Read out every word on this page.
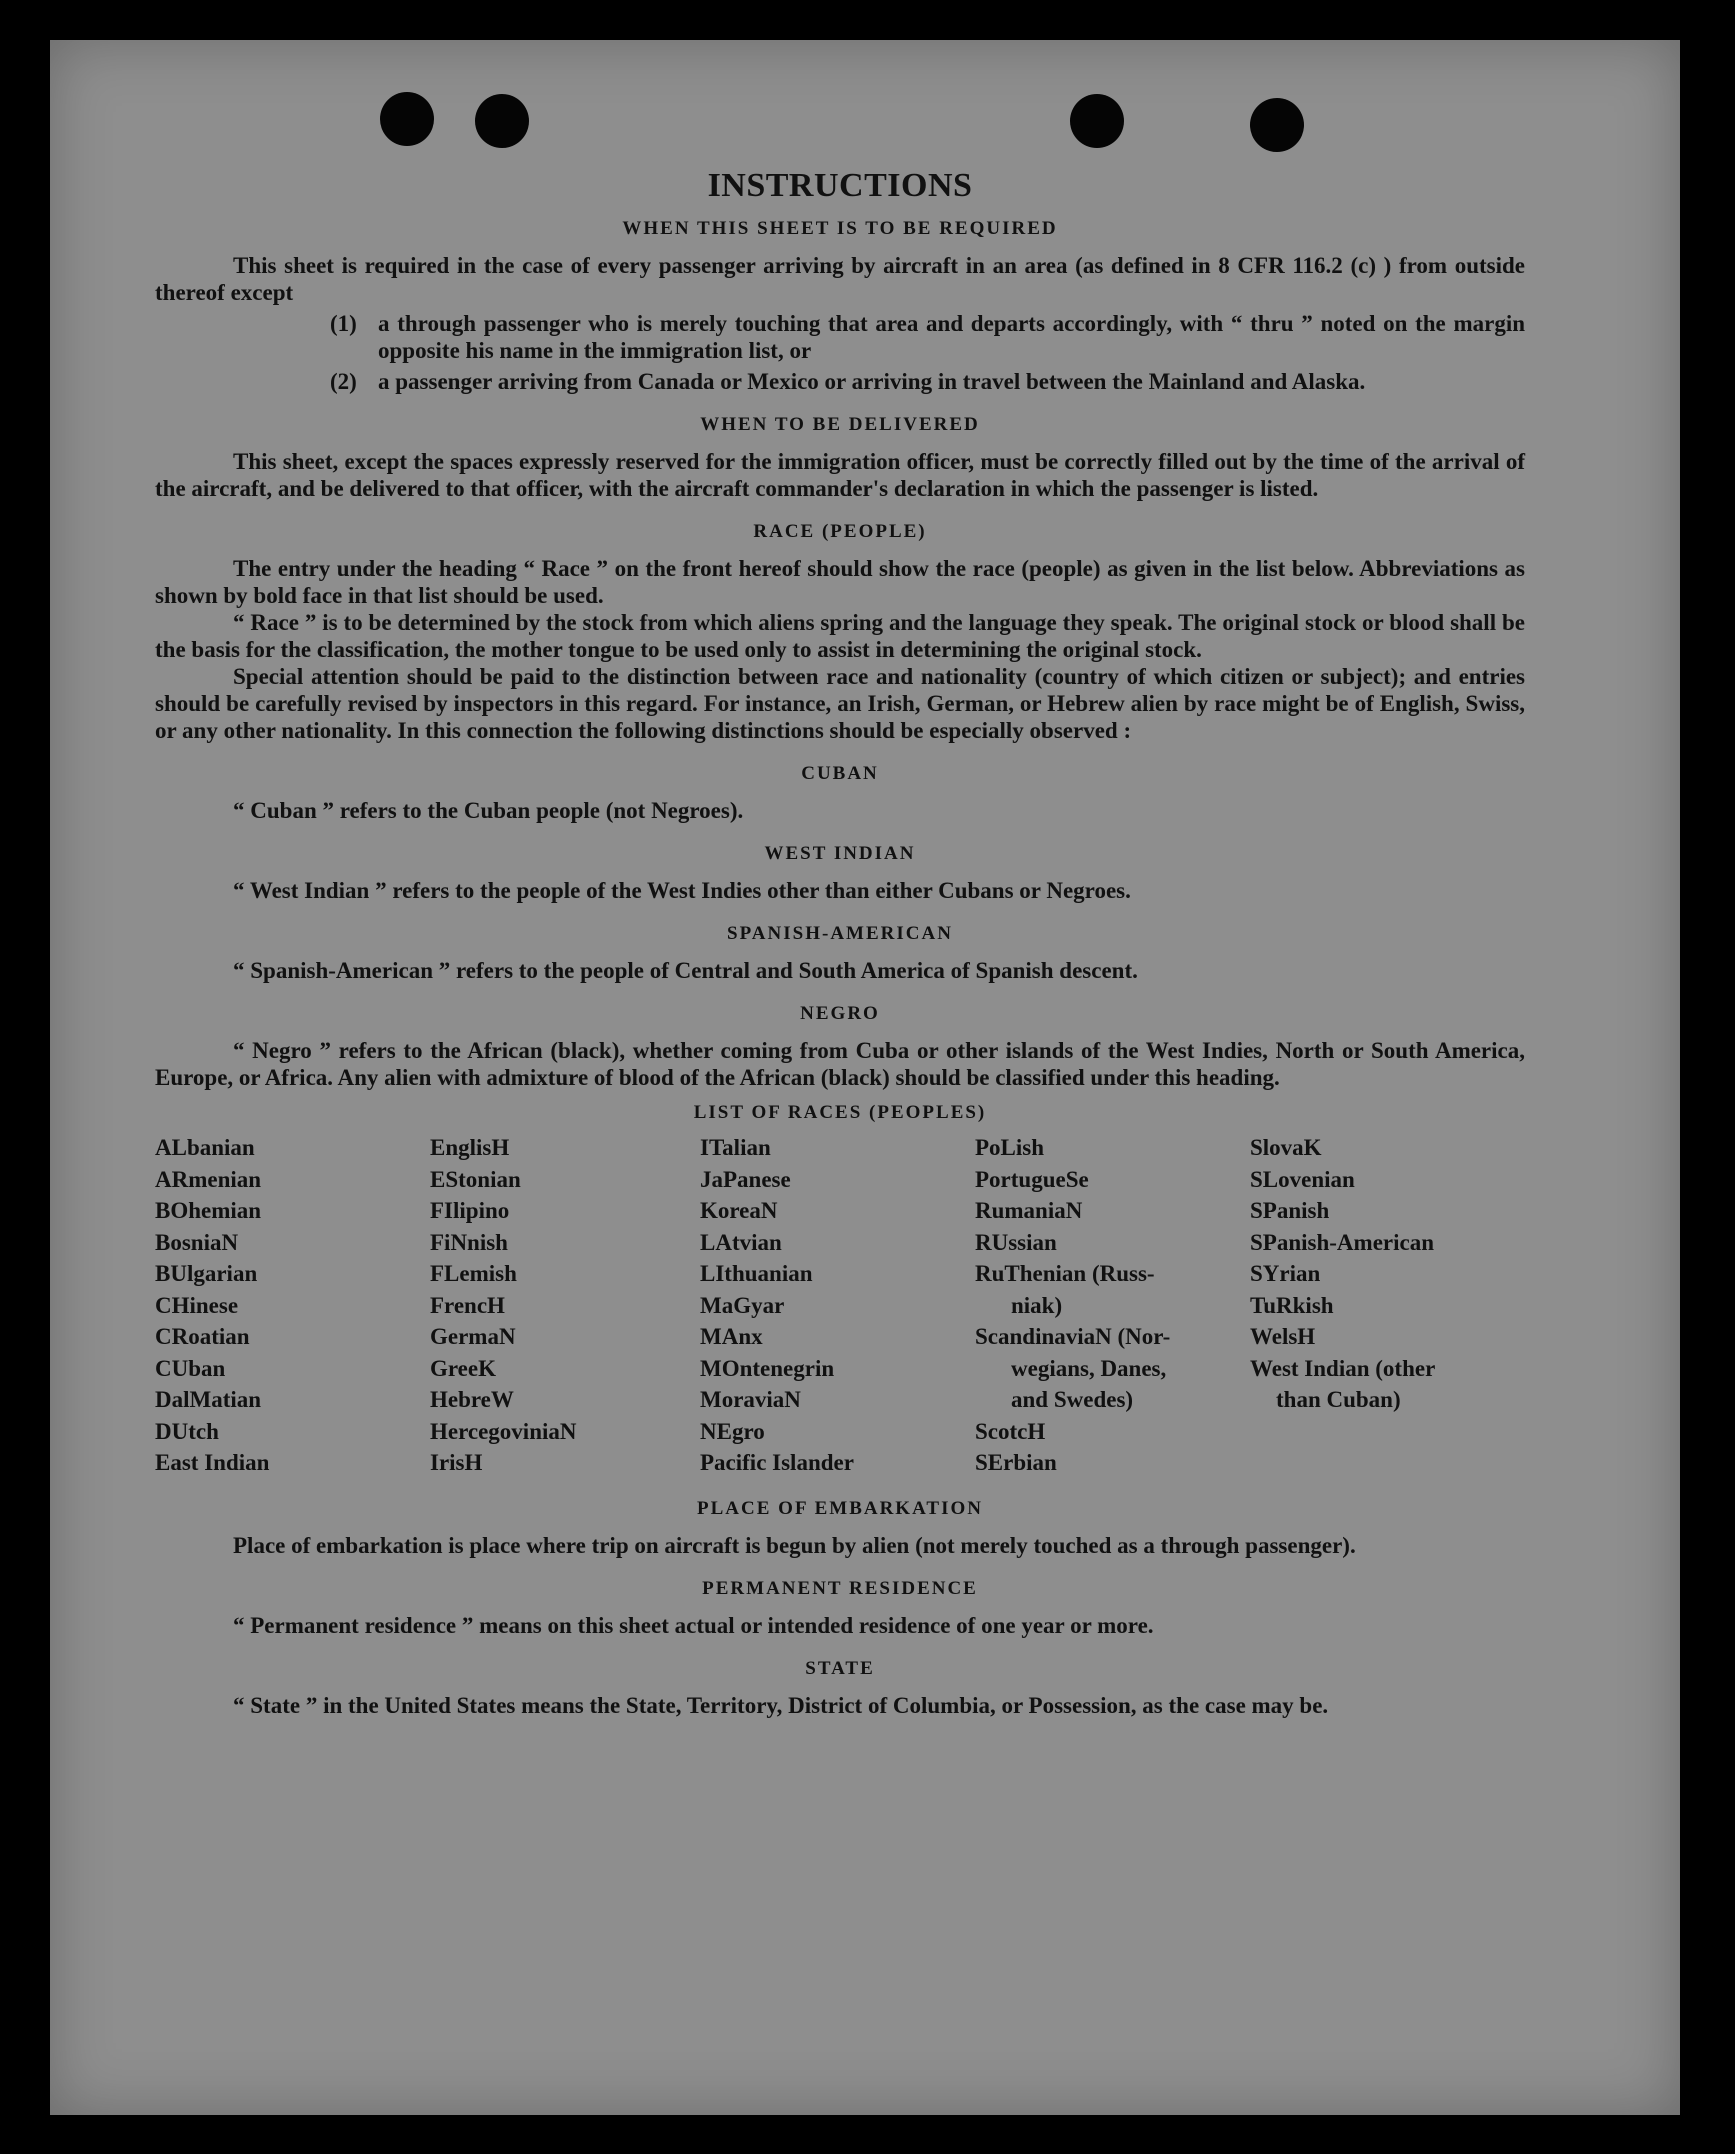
INSTRUCTIONS
WHEN THIS SHEET IS TO BE REQUIRED

This sheet is required in the case of every passenger arriving by aircraft in an area (as defined in 8 CFR 116.2 (c) ) from outside thereof except

(1) a through passenger who is merely touching that area and departs accordingly, with “ thru ” noted on the margin opposite his name in the immigration list, or
(2) a passenger arriving from Canada or Mexico or arriving in travel between the Mainland and Alaska.
WHEN TO BE DELIVERED

This sheet, except the spaces expressly reserved for the immigration officer, must be correctly filled out by the time of the arrival of the aircraft, and be delivered to that officer, with the aircraft commander's declaration in which the passenger is listed.

RACE (PEOPLE)

The entry under the heading “ Race ” on the front hereof should show the race (people) as given in the list below. Abbreviations as shown by bold face in that list should be used.

“ Race ” is to be determined by the stock from which aliens spring and the language they speak. The original stock or blood shall be the basis for the classification, the mother tongue to be used only to assist in determining the original stock.

Special attention should be paid to the distinction between race and nationality (country of which citizen or subject); and entries should be carefully revised by inspectors in this regard. For instance, an Irish, German, or Hebrew alien by race might be of English, Swiss, or any other nationality. In this connection the following distinctions should be especially observed :

CUBAN

“ Cuban ” refers to the Cuban people (not Negroes).

WEST INDIAN

“ West Indian ” refers to the people of the West Indies other than either Cubans or Negroes.

SPANISH-AMERICAN

“ Spanish-American ” refers to the people of Central and South America of Spanish descent.

NEGRO

“ Negro ” refers to the African (black), whether coming from Cuba or other islands of the West Indies, North or South America, Europe, or Africa. Any alien with admixture of blood of the African (black) should be classified under this heading.

LIST OF RACES (PEOPLES)
ALbanian
ARmenian
BOhemian
BosniaN
BUlgarian
CHinese
CRoatian
CUban
DalMatian
DUtch
East Indian
EnglisH
EStonian
FIlipino
FiNnish
FLemish
FrencH
GermaN
GreeK
HebreW
HercegoviniaN
IrisH
ITalian
JaPanese
KoreaN
LAtvian
LIthuanian
MaGyar
MAnx
MOntenegrin
MoraviaN
NEgro
Pacific Islander
PoLish
PortugueSe
RumaniaN
RUssian
RuThenian (Russ-
niak)
ScandinaviaN (Nor-
wegians, Danes,
and Swedes)
ScotcH
SErbian
SlovaK
SLovenian
SPanish
SPanish-American
SYrian
TuRkish
WelsH
West Indian (other
than Cuban)
PLACE OF EMBARKATION

Place of embarkation is place where trip on aircraft is begun by alien (not merely touched as a through passenger).

PERMANENT RESIDENCE

“ Permanent residence ” means on this sheet actual or intended residence of one year or more.

STATE

“ State ” in the United States means the State, Territory, District of Columbia, or Possession, as the case may be.
